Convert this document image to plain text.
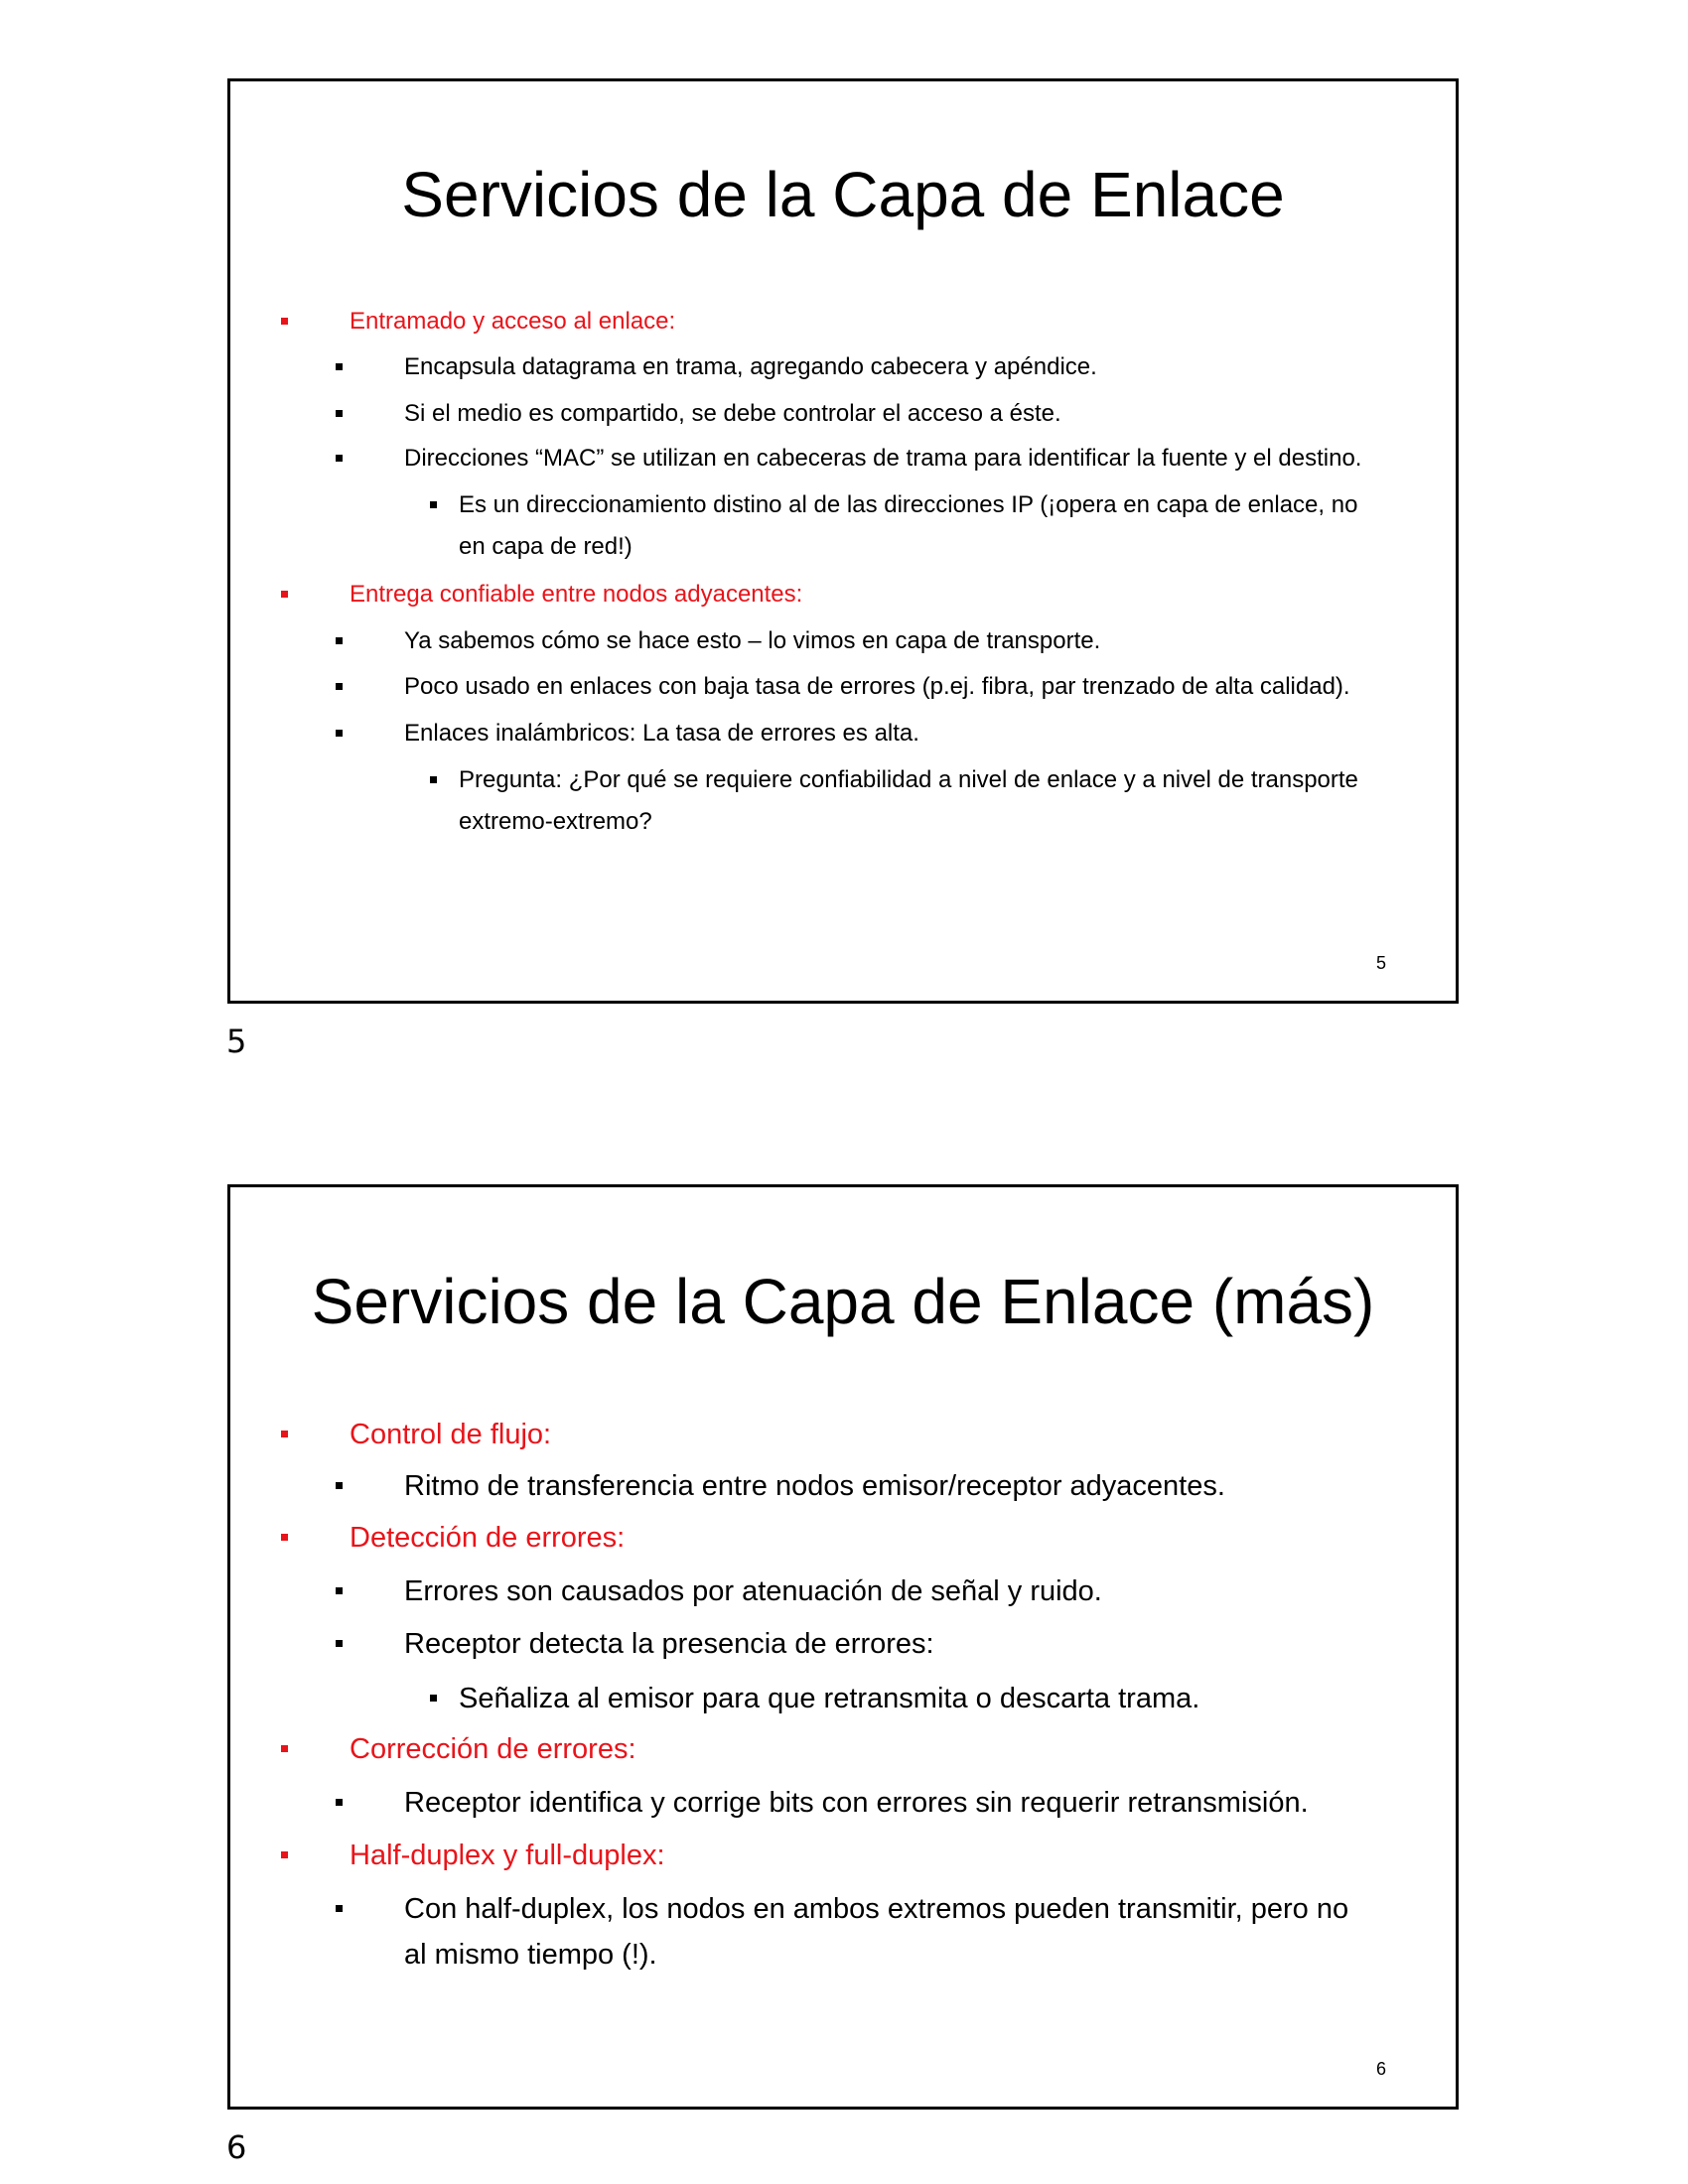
Servicios de la Capa de Enlace
Entramado y acceso al enlace:
Encapsula datagrama en trama, agregando cabecera y apéndice.
Si el medio es compartido, se debe controlar el acceso a éste.
Direcciones “MAC” se utilizan en cabeceras de trama para identificar la fuente y el destino.
Es un direccionamiento distino al de las direcciones IP (¡opera en capa de enlace, no en capa de red!)
Entrega confiable entre nodos adyacentes:
Ya sabemos cómo se hace esto – lo vimos en capa de transporte.
Poco usado en enlaces con baja tasa de errores (p.ej. fibra, par trenzado de alta calidad).
Enlaces inalámbricos: La tasa de errores es alta.
Pregunta: ¿Por qué se requiere confiabilidad a nivel de enlace y a nivel de transporte extremo-extremo?
5
5
Servicios de la Capa de Enlace (más)
Control de flujo:
Ritmo de transferencia entre nodos emisor/receptor adyacentes.
Detección de errores:
Errores son causados por atenuación de señal y ruido.
Receptor detecta la presencia de errores:
Señaliza al emisor para que retransmita o descarta trama.
Corrección de errores:
Receptor identifica y corrige bits con errores sin requerir retransmisión.
Half-duplex y full-duplex:
Con half-duplex, los nodos en ambos extremos pueden transmitir, pero no al mismo tiempo (!).
6
6
